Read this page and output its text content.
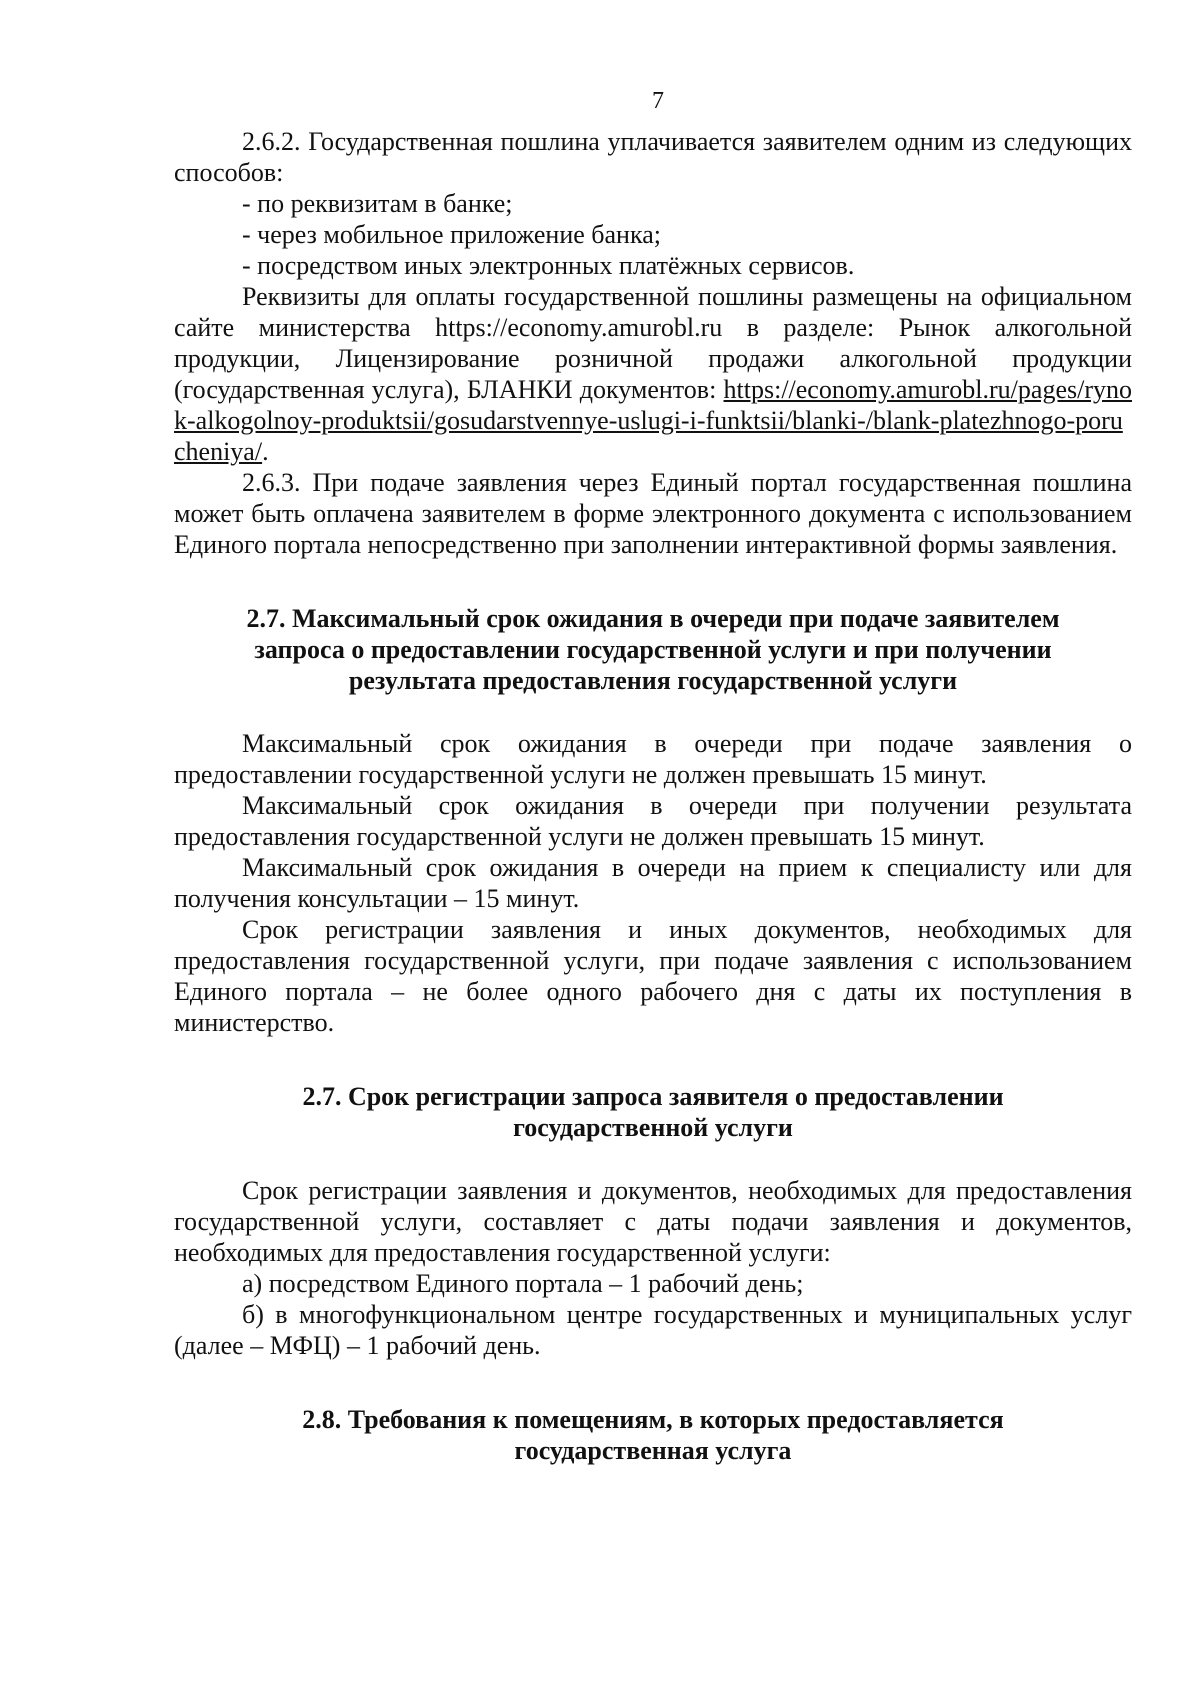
7

2.6.2. Государственная пошлина уплачивается заявителем одним из следующих способов:

- по реквизитам в банке;

- через мобильное приложение банка;

- посредством иных электронных платёжных сервисов.

Реквизиты для оплаты государственной пошлины размещены на официальном сайте министерства https://economy.amurobl.ru в разделе: Рынок алкогольной продукции, Лицензирование розничной продажи алкогольной продукции (государственная услуга), БЛАНКИ документов: https://economy.amurobl.ru/pages/rynok-alkogolnoy-produktsii/gosudarstvennye-uslugi-i-funktsii/blanki-/blank-platezhnogo-porucheniya/.

2.6.3. При подаче заявления через Единый портал государственная пошлина может быть оплачена заявителем в форме электронного документа с использованием Единого портала непосредственно при заполнении интерактивной формы заявления.

2.7. Максимальный срок ожидания в очереди при подаче заявителем запроса о предоставлении государственной услуги и при получении результата предоставления государственной услуги

Максимальный срок ожидания в очереди при подаче заявления о предоставлении государственной услуги не должен превышать 15 минут.

Максимальный срок ожидания в очереди при получении результата предоставления государственной услуги не должен превышать 15 минут.

Максимальный срок ожидания в очереди на прием к специалисту или для получения консультации – 15 минут.

Срок регистрации заявления и иных документов, необходимых для предоставления государственной услуги, при подаче заявления с использованием Единого портала – не более одного рабочего дня с даты их поступления в министерство.

2.7. Срок регистрации запроса заявителя о предоставлении государственной услуги

Срок регистрации заявления и документов, необходимых для предоставления государственной услуги, составляет с даты подачи заявления и документов, необходимых для предоставления государственной услуги:

а) посредством Единого портала – 1 рабочий день;

б) в многофункциональном центре государственных и муниципальных услуг (далее – МФЦ) – 1 рабочий день.

2.8. Требования к помещениям, в которых предоставляется государственная услуга
